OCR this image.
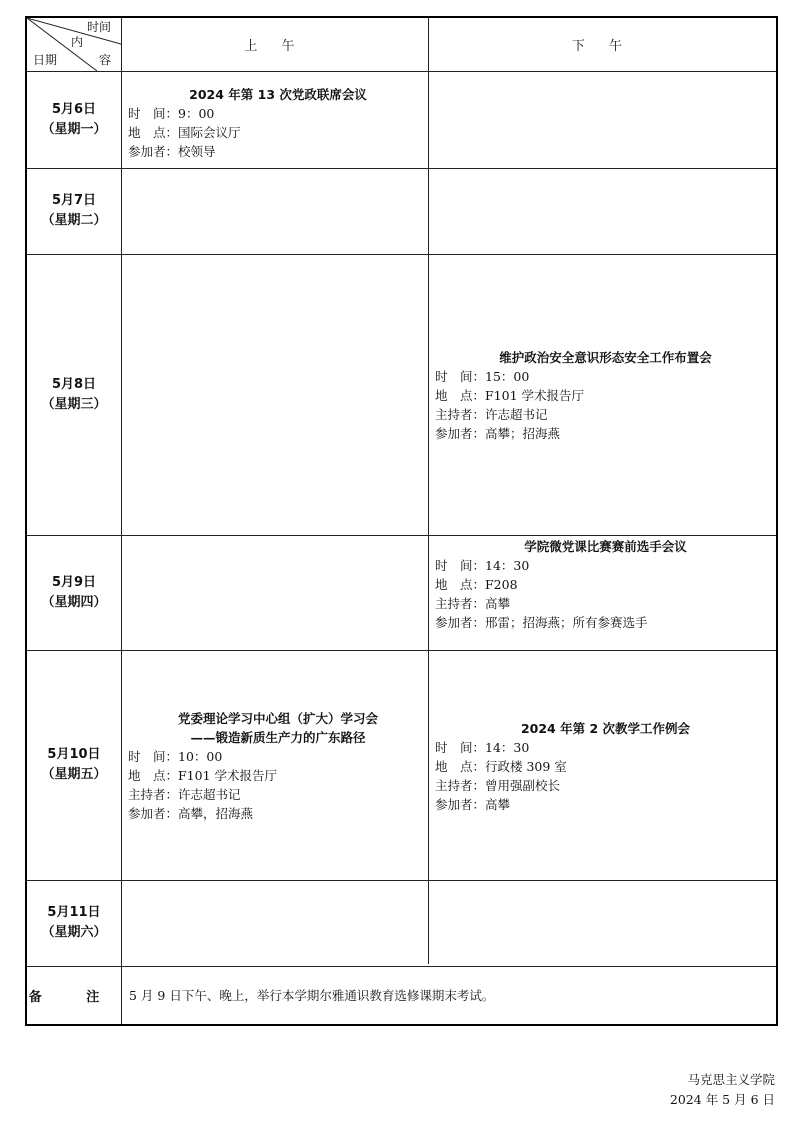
时间
内
容
日期
上 午	下 午
5月6日
（星期一）
5月7日
（星期二）
5月8日
（星期三）
5月9日
（星期四）
5月10日
（星期五）
5月11日
（星期六）
2024 年第 13 次党政联席会议
时　间：9：00
地　点：国际会议厅
参加者：校领导
维护政治安全意识形态安全工作布置会
时　间：15：00
地　点：F101 学术报告厅
主持者：许志超书记
参加者：高攀；招海燕
学院微党课比赛赛前选手会议
时　间：14：30
地　点：F208
主持者：高攀
参加者：邢雷；招海燕；所有参赛选手
党委理论学习中心组（扩大）学习会
——锻造新质生产力的广东路径
时　间：10：00
地　点：F101 学术报告厅
主持者：许志超书记
参加者：高攀，招海燕
2024 年第 2 次教学工作例会
时　间：14：30
地　点：行政楼 309 室
主持者：曾用强副校长
参加者：高攀
备 注 5 月 9 日下午、晚上，举行本学期尔雅通识教育选修课期末考试。
马克思主义学院
2024 年 5 月 6 日
